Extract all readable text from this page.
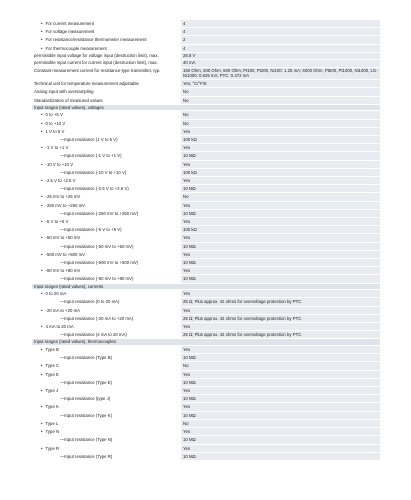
• For current measurement	4
• For voltage measurement	4
• For resistance/resistance thermometer measurement	2
• For thermocouple measurement	4
permissible input voltage for voltage input (destruction limit), max.	28.8 V
permissible input current for current input (destruction limit), max.	40 mA
Constant measurement current for resistance-type transmitter, typ.	150 Ohm, 300 Ohm, 600 Ohm, Pt100, Pt200, Ni100: 1.25 mA; 6000 Ohm, Pt500, Pt1000, Ni1000, LG-Ni1000: 0.625 mA; PTC: 0.472 mA
Technical unit for temperature measurement adjustable	Yes; °C/°F/K
Analog input with oversampling	No
Standardization of measured values	No
Input ranges (rated values), voltages
• 0 to +5 V	No
• 0 to +10 V	No
• 1 V to 5 V	Yes
— Input resistance (1 V to 5 V)	100 kΩ
• -1 V to +1 V	Yes
— Input resistance (-1 V to +1 V)	10 MΩ
• -10 V to +10 V	Yes
— Input resistance (-10 V to +10 V)	100 kΩ
• -2.5 V to +2.5 V	Yes
— Input resistance (-2.5 V to +2.5 V)	10 MΩ
• -25 mV to +25 mV	No
• -250 mV to +250 mV	Yes
— Input resistance (-250 mV to +250 mV)	10 MΩ
• -5 V to +5 V	Yes
— Input resistance (-5 V to +5 V)	100 kΩ
• -50 mV to +50 mV	Yes
— Input resistance (-50 mV to +50 mV)	10 MΩ
• -500 mV to +500 mV	Yes
— Input resistance (-500 mV to +500 mV)	10 MΩ
• -80 mV to +80 mV	Yes
— Input resistance (-80 mV to +80 mV)	10 MΩ
Input ranges (rated values), currents
• 0 to 20 mA	Yes
— Input resistance (0 to 20 mA)	25 Ω; Plus approx. 42 ohms for overvoltage protection by PTC
• -20 mA to +20 mA	Yes
— Input resistance (-20 mA to +20 mA)	25 Ω; Plus approx. 42 ohms for overvoltage protection by PTC
• 4 mA to 20 mA	Yes
— Input resistance (4 mA to 20 mA)	25 Ω; Plus approx. 42 ohms for overvoltage protection by PTC
Input ranges (rated values), thermocouples
• Type B	Yes
— Input resistance (Type B)	10 MΩ
• Type C	No
• Type E	Yes
— Input resistance (Type E)	10 MΩ
• Type J	Yes
— Input resistance (type J)	10 MΩ
• Type K	Yes
— Input resistance (Type K)	10 MΩ
• Type L	No
• Type N	Yes
— Input resistance (Type N)	10 MΩ
• Type R	Yes
— Input resistance (Type R)	10 MΩ
